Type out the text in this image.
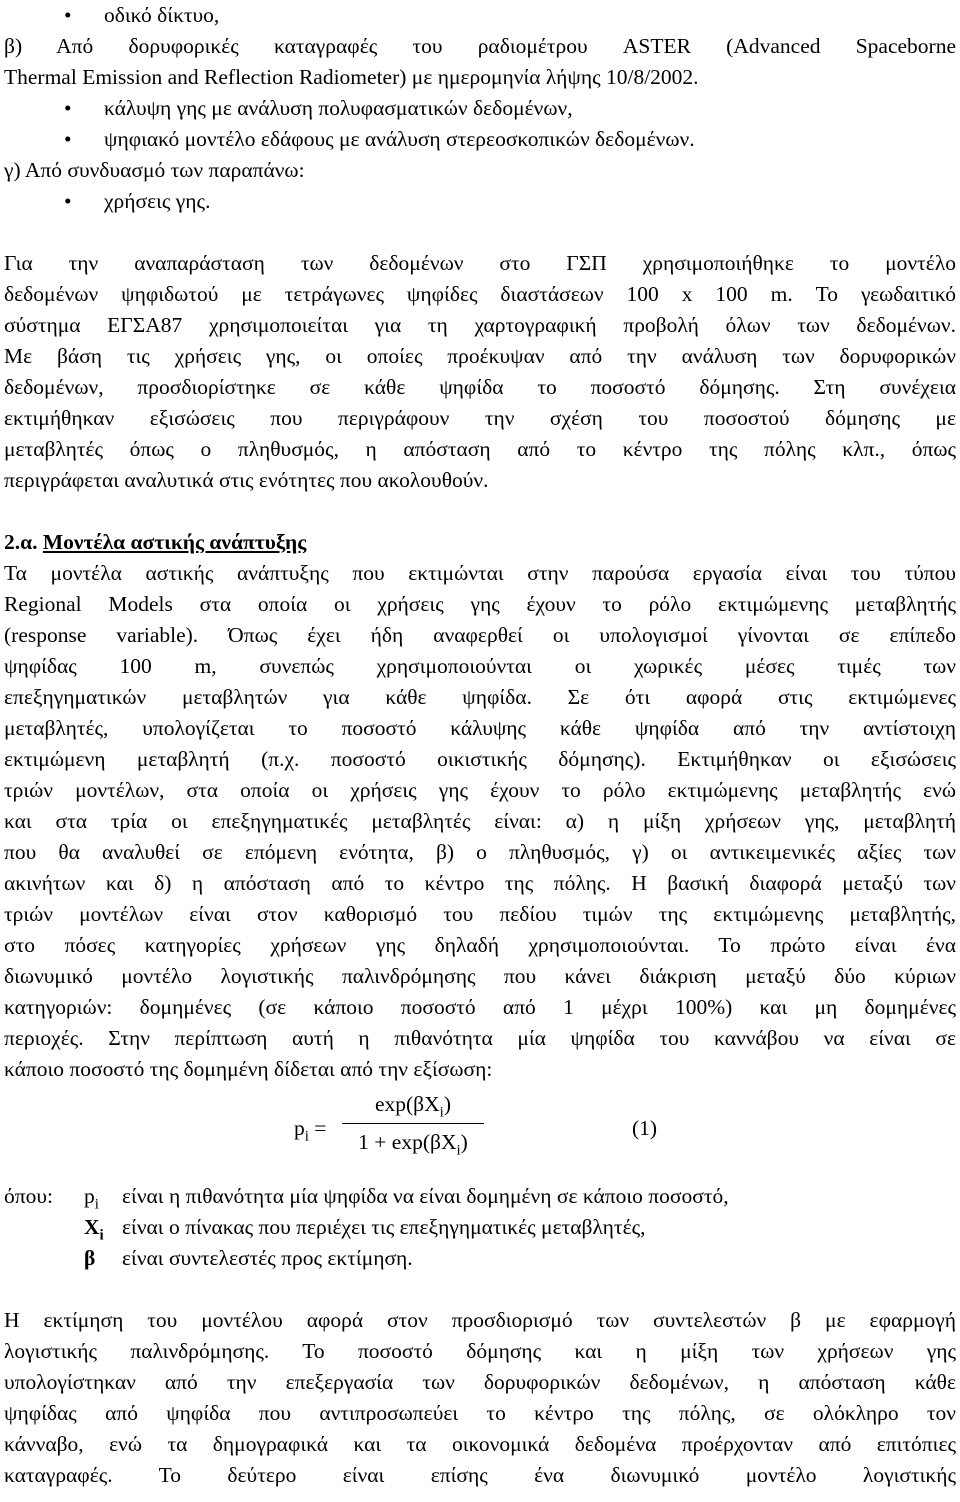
• οδικό δίκτυο,
β) Από δορυφορικές καταγραφές του ραδιομέτρου ASTER (Advanced Spaceborne
Thermal Emission and Reflection Radiometer) με ημερομηνία λήψης 10/8/2002.
• κάλυψη γης με ανάλυση πολυφασματικών δεδομένων,
• ψηφιακό μοντέλο εδάφους με ανάλυση στερεοσκοπικών δεδομένων.
γ) Από συνδυασμό των παραπάνω:
• χρήσεις γης.
Για την αναπαράσταση των δεδομένων στο ΓΣΠ χρησιμοποιήθηκε το μοντέλο
δεδομένων ψηφιδωτού με τετράγωνες ψηφίδες διαστάσεων 100 x 100 m. Το γεωδαιτικό
σύστημα ΕΓΣΑ87 χρησιμοποιείται για τη χαρτογραφική προβολή όλων των δεδομένων.
Με βάση τις χρήσεις γης, οι οποίες προέκυψαν από την ανάλυση των δορυφορικών
δεδομένων, προσδιορίστηκε σε κάθε ψηφίδα το ποσοστό δόμησης. Στη συνέχεια
εκτιμήθηκαν εξισώσεις που περιγράφουν την σχέση του ποσοστού δόμησης με
μεταβλητές όπως ο πληθυσμός, η απόσταση από το κέντρο της πόλης κλπ., όπως
περιγράφεται αναλυτικά στις ενότητες που ακολουθούν.
2.α. Μοντέλα αστικής ανάπτυξης
Τα μοντέλα αστικής ανάπτυξης που εκτιμώνται στην παρούσα εργασία είναι του τύπου
Regional Models στα οποία οι χρήσεις γης έχουν το ρόλο εκτιμώμενης μεταβλητής
(response variable). Όπως έχει ήδη αναφερθεί οι υπολογισμοί γίνονται σε επίπεδο
ψηφίδας 100 m, συνεπώς χρησιμοποιούνται οι χωρικές μέσες τιμές των
επεξηγηματικών μεταβλητών για κάθε ψηφίδα. Σε ότι αφορά στις εκτιμώμενες
μεταβλητές, υπολογίζεται το ποσοστό κάλυψης κάθε ψηφίδα από την αντίστοιχη
εκτιμώμενη μεταβλητή (π.χ. ποσοστό οικιστικής δόμησης). Εκτιμήθηκαν οι εξισώσεις
τριών μοντέλων, στα οποία οι χρήσεις γης έχουν το ρόλο εκτιμώμενης μεταβλητής ενώ
και στα τρία οι επεξηγηματικές μεταβλητές είναι: α) η μίξη χρήσεων γης, μεταβλητή
που θα αναλυθεί σε επόμενη ενότητα, β) ο πληθυσμός, γ) οι αντικειμενικές αξίες των
ακινήτων και δ) η απόσταση από το κέντρο της πόλης. Η βασική διαφορά μεταξύ των
τριών μοντέλων είναι στον καθορισμό του πεδίου τιμών της εκτιμώμενης μεταβλητής,
στο πόσες κατηγορίες χρήσεων γης δηλαδή χρησιμοποιούνται. Το πρώτο είναι ένα
διωνυμικό μοντέλο λογιστικής παλινδρόμησης που κάνει διάκριση μεταξύ δύο κύριων
κατηγοριών: δομημένες (σε κάποιο ποσοστό από 1 μέχρι 100%) και μη δομημένες
περιοχές. Στην περίπτωση αυτή η πιθανότητα μία ψηφίδα του καννάβου να είναι σε
κάποιο ποσοστό της δομημένη δίδεται από την εξίσωση:
$p_i$ =
$\exp(\beta X_i)$
$1 + \exp(\beta X_i)$
(1)
όπου: $p_i$ είναι η πιθανότητα μία ψηφίδα να είναι δομημένη σε κάποιο ποσοστό,
$X_i$ είναι ο πίνακας που περιέχει τις επεξηγηματικές μεταβλητές,
β είναι συντελεστές προς εκτίμηση.
Η εκτίμηση του μοντέλου αφορά στον προσδιορισμό των συντελεστών β με εφαρμογή
λογιστικής παλινδρόμησης. Το ποσοστό δόμησης και η μίξη των χρήσεων γης
υπολογίστηκαν από την επεξεργασία των δορυφορικών δεδομένων, η απόσταση κάθε
ψηφίδας από ψηφίδα που αντιπροσωπεύει το κέντρο της πόλης, σε ολόκληρο τον
κάνναβο, ενώ τα δημογραφικά και τα οικονομικά δεδομένα προέρχονταν από επιτόπιες
καταγραφές. Το δεύτερο είναι επίσης ένα διωνυμικό μοντέλο λογιστικής
